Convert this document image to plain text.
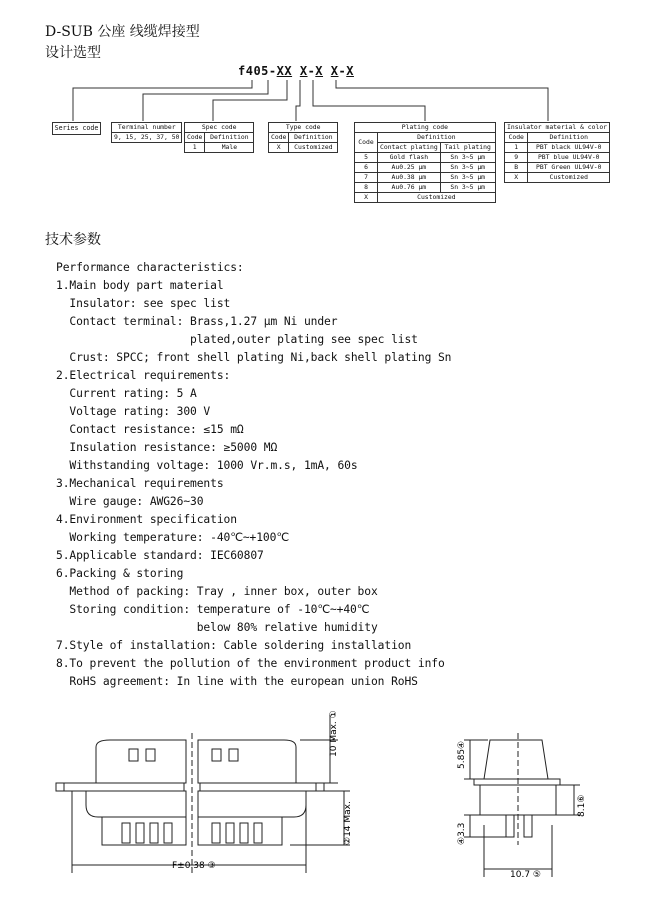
D-SUB 公座 线缆焊接型
设计选型
f405-XX X-X X-X
Series code	Terminal number
9, 15, 25, 37, 50
Spec code	
Code	Definition
1	Male
Type code	
Code	Definition
X	Customized
Plating code		
Code	Definition	
	Contact plating	Tail plating
5	Gold flash	Sn 3~5 μm
6	Au0.25 μm	Sn 3~5 μm
7	Au0.38 μm	Sn 3~5 μm
8	Au0.76 μm	Sn 3~5 μm
X	Customized	
Insulator material & color	
Code	Definition
1	PBT black UL94V-0
9	PBT blue UL94V-0
B	PBT Green UL94V-0
X	Customized
技术参数
Performance characteristics:
1.Main body part material
Insulator: see spec list
Contact terminal: Brass,1.27 μm Ni under
plated,outer plating see spec list
Crust: SPCC; front shell plating Ni,back shell plating Sn
2.Electrical requirements:
Current rating: 5 A
Voltage rating: 300 V
Contact resistance: ≤15 mΩ
Insulation resistance: ≥5000 MΩ
Withstanding voltage: 1000 Vr.m.s, 1mA, 60s
3.Mechanical requirements
Wire gauge: AWG26~30
4.Environment specification
Working temperature: -40℃~+100℃
5.Applicable standard: IEC60807
6.Packing & storing
Method of packing: Tray , inner box, outer box
Storing condition: temperature of -10℃~+40℃
below 80% relative humidity
7.Style of installation: Cable soldering installation
8.To prevent the pollution of the environment product info
RoHS agreement: In line with the european union RoHS
10 Max. ①
②14 Max.
F±0.38 ③
5.85④
④3.3
8.1⑥
10.7 ⑤
